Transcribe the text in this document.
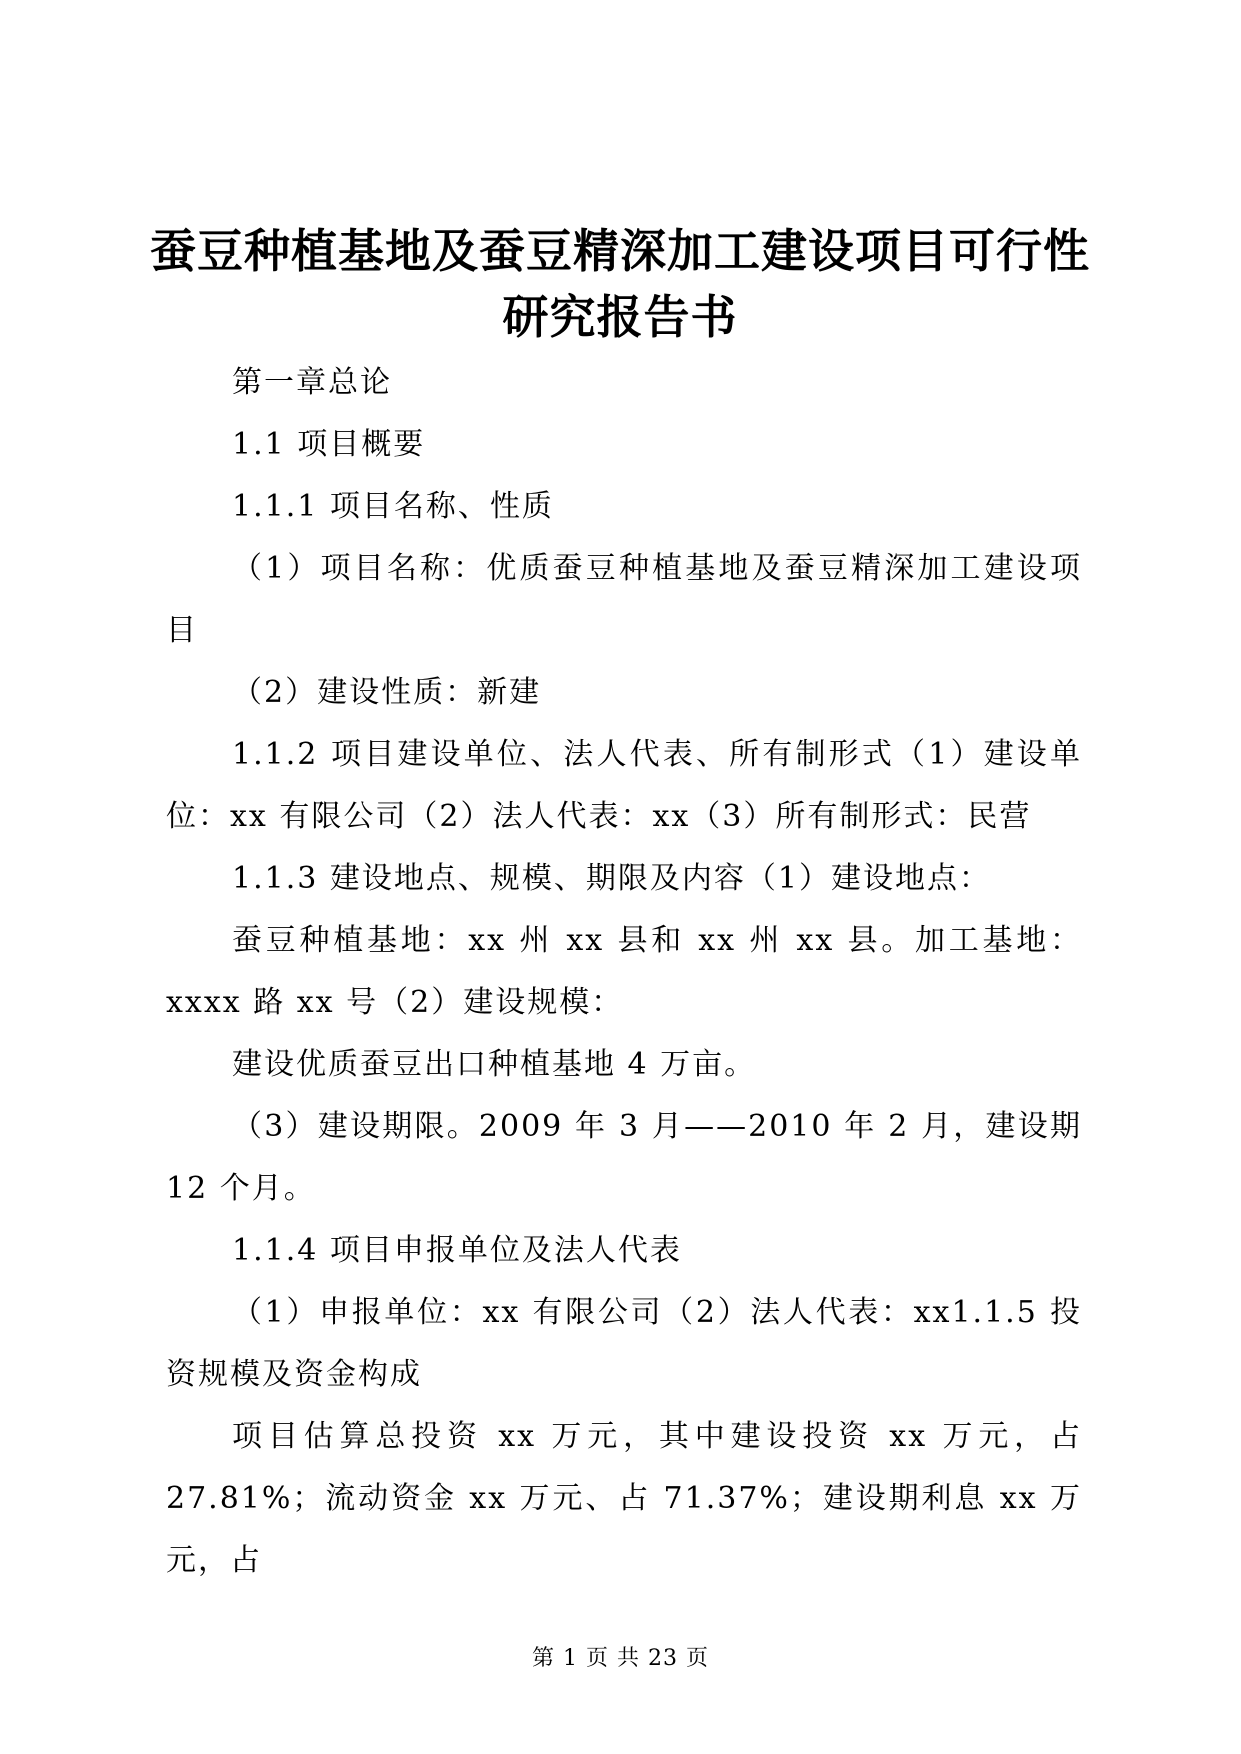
蚕豆种植基地及蚕豆精深加工建设项目可行性
研究报告书

第一章总论

1.1 项目概要

1.1.1 项目名称、性质

（1）项目名称：优质蚕豆种植基地及蚕豆精深加工建设项目

（2）建设性质：新建

1.1.2 项目建设单位、法人代表、所有制形式（1）建设单位：xx 有限公司（2）法人代表：xx（3）所有制形式：民营

1.1.3 建设地点、规模、期限及内容（1）建设地点：

蚕豆种植基地：xx 州 xx 县和 xx 州 xx 县。加工基地：xxxx 路 xx 号（2）建设规模：

建设优质蚕豆出口种植基地 4 万亩。

（3）建设期限。2009 年 3 月——2010 年 2 月，建设期 12 个月。

1.1.4 项目申报单位及法人代表

（1）申报单位：xx 有限公司（2）法人代表：xx1.1.5 投资规模及资金构成

项目估算总投资 xx 万元，其中建设投资 xx 万元，占 27.81%；流动资金 xx 万元、占 71.37%；建设期利息 xx 万元，占

第 1 页 共 23 页
